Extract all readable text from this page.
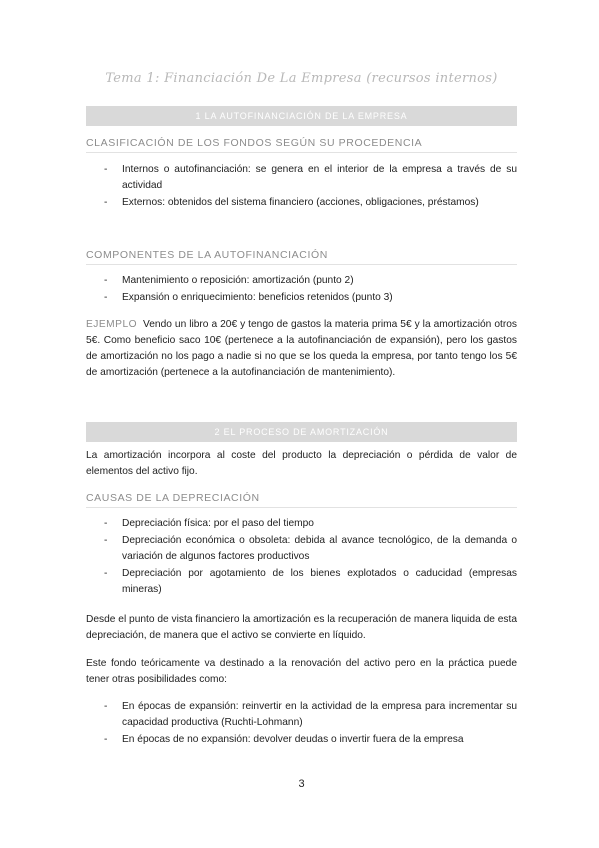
Tema 1: Financiación De La Empresa (recursos internos)
1 LA AUTOFINANCIACIÓN DE LA EMPRESA
CLASIFICACIÓN DE LOS FONDOS SEGÚN SU PROCEDENCIA
- Internos o autofinanciación: se genera en el interior de la empresa a través de su actividad
- Externos: obtenidos del sistema financiero (acciones, obligaciones, préstamos)
COMPONENTES DE LA AUTOFINANCIACIÓN
- Mantenimiento o reposición: amortización (punto 2)
- Expansión o enriquecimiento: beneficios retenidos (punto 3)

EJEMPLO Vendo un libro a 20€ y tengo de gastos la materia prima 5€ y la amortización otros 5€. Como beneficio saco 10€ (pertenece a la autofinanciación de expansión), pero los gastos de amortización no los pago a nadie si no que se los queda la empresa, por tanto tengo los 5€ de amortización (pertenece a la autofinanciación de mantenimiento).

2 EL PROCESO DE AMORTIZACIÓN

La amortización incorpora al coste del producto la depreciación o pérdida de valor de elementos del activo fijo.

CAUSAS DE LA DEPRECIACIÓN
- Depreciación física: por el paso del tiempo
- Depreciación económica o obsoleta: debida al avance tecnológico, de la demanda o variación de algunos factores productivos
- Depreciación por agotamiento de los bienes explotados o caducidad (empresas mineras)

Desde el punto de vista financiero la amortización es la recuperación de manera liquida de esta depreciación, de manera que el activo se convierte en líquido.

Este fondo teóricamente va destinado a la renovación del activo pero en la práctica puede tener otras posibilidades como:

- En épocas de expansión: reinvertir en la actividad de la empresa para incrementar su capacidad productiva (Ruchti-Lohmann)
- En épocas de no expansión: devolver deudas o invertir fuera de la empresa
3
